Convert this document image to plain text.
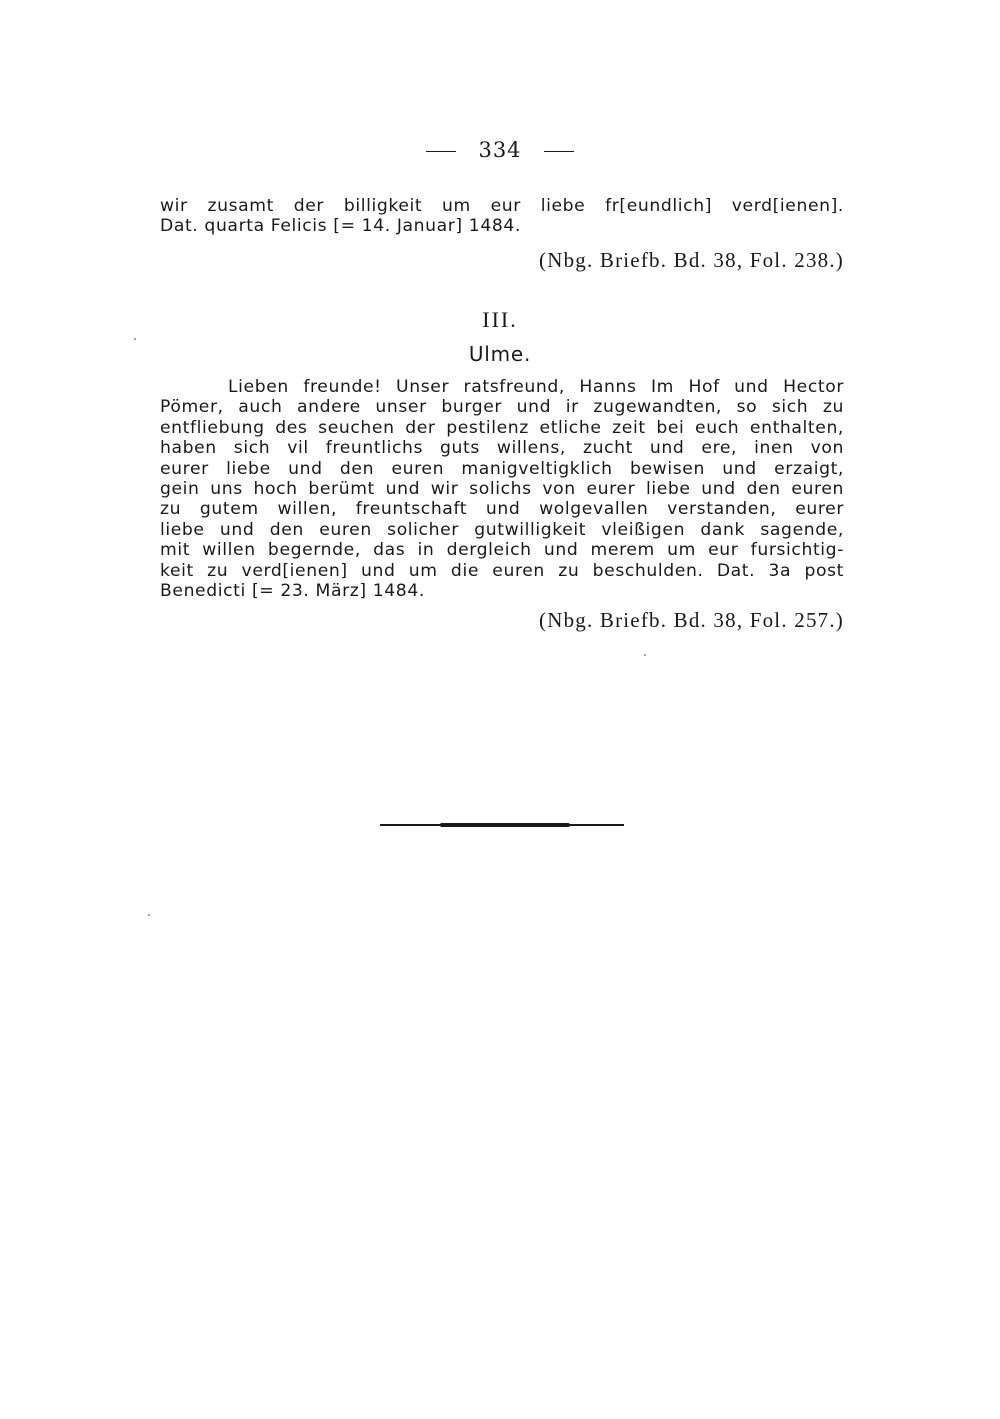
334
wir zusamt der billigkeit um eur liebe fr[eundlich] verd[ienen].
Dat. quarta Felicis [= 14. Januar] 1484.
(Nbg. Briefb. Bd. 38, Fol. 238.)
III.
Ulme.
Lieben freunde! Unser ratsfreund, Hanns Im Hof und Hector
Pömer, auch andere unser burger und ir zugewandten, so sich zu
entfliebung des seuchen der pestilenz etliche zeit bei euch enthalten,
haben sich vil freuntlichs guts willens, zucht und ere, inen von
eurer liebe und den euren manigveltigklich bewisen und erzaigt,
gein uns hoch berümt und wir solichs von eurer liebe und den euren
zu gutem willen, freuntschaft und wolgevallen verstanden, eurer
liebe und den euren solicher gutwilligkeit vleißigen dank sagende,
mit willen begernde, das in dergleich und merem um eur fursichtig-
keit zu verd[ienen] und um die euren zu beschulden. Dat. 3a post
Benedicti [= 23. März] 1484.
(Nbg. Briefb. Bd. 38, Fol. 257.)
